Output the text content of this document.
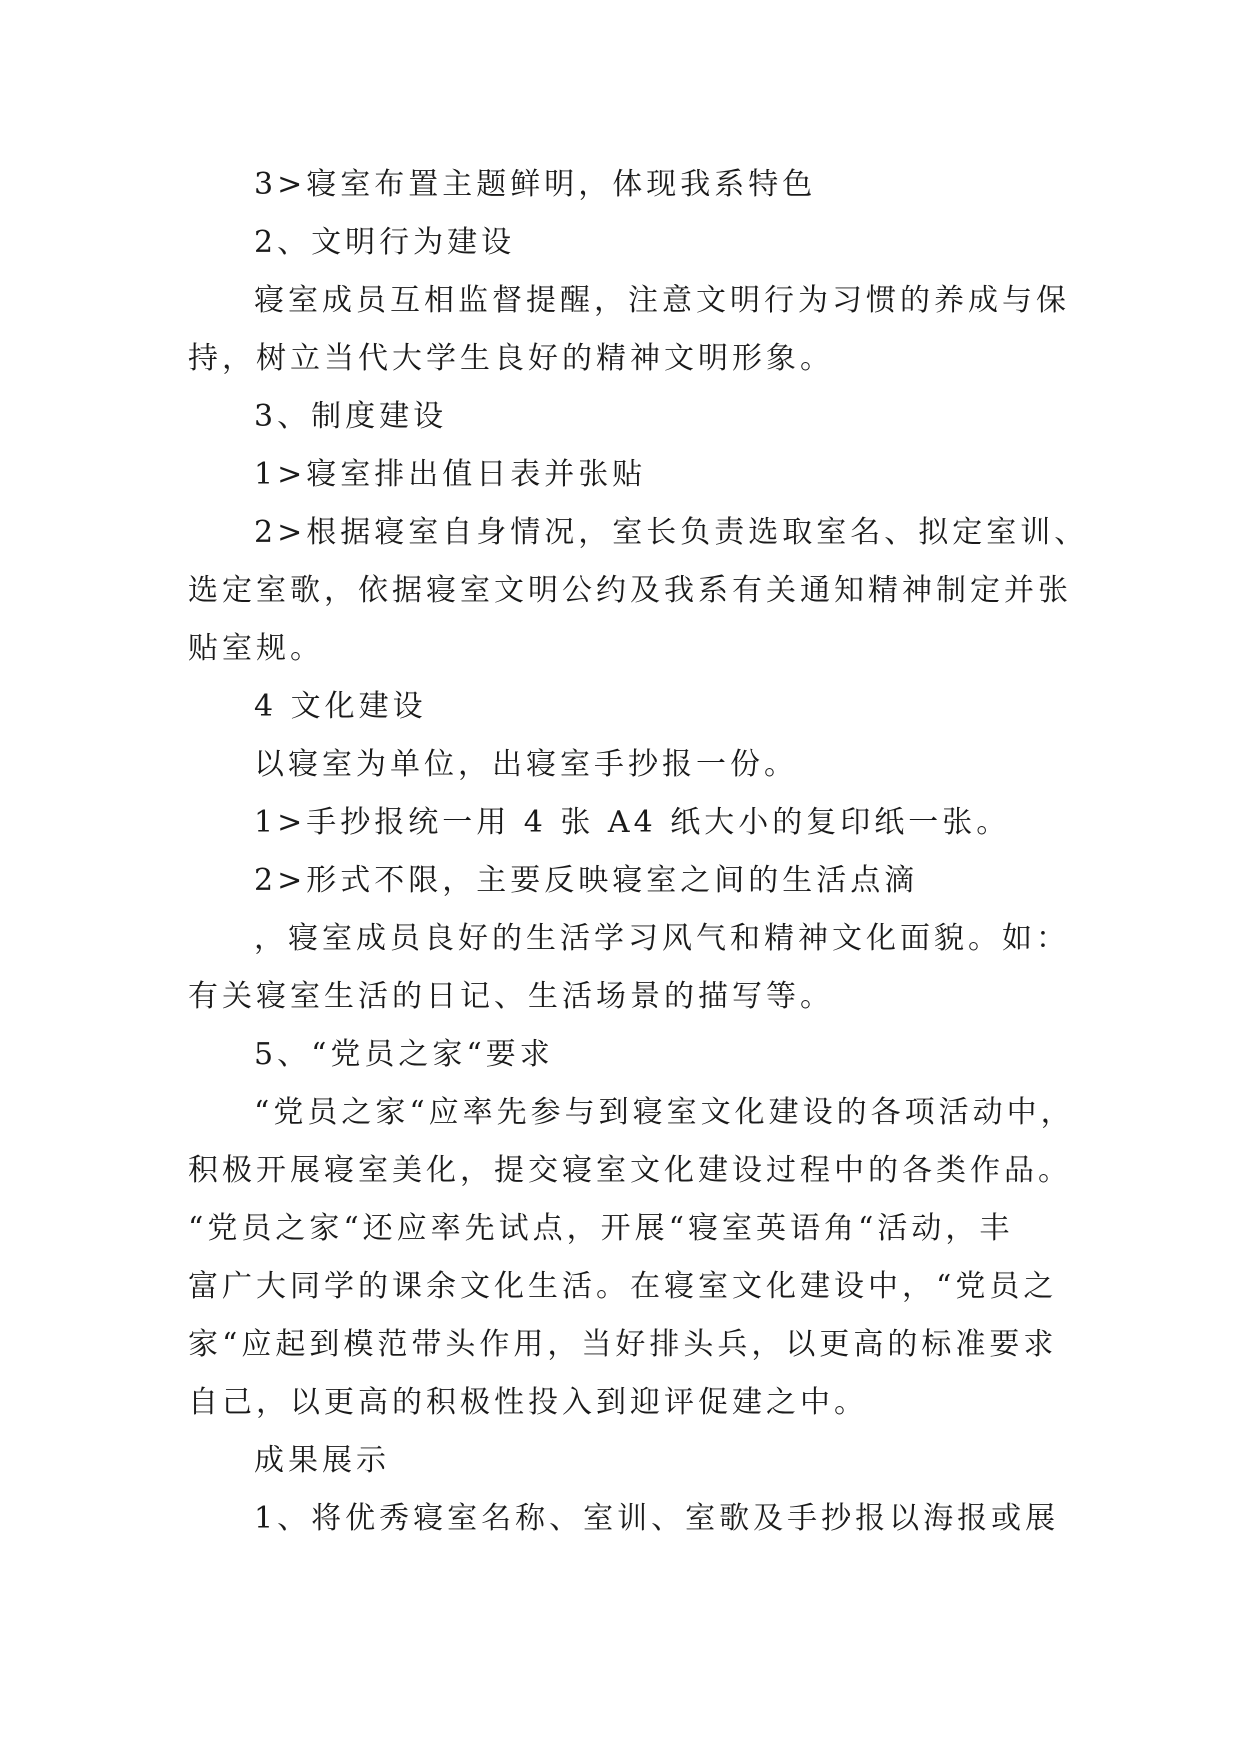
3>寝室布置主题鲜明，体现我系特色

2、文明行为建设

寝室成员互相监督提醒，注意文明行为习惯的养成与保

持，树立当代大学生良好的精神文明形象。

3、制度建设

1>寝室排出值日表并张贴

2>根据寝室自身情况，室长负责选取室名、拟定室训、

选定室歌，依据寝室文明公约及我系有关通知精神制定并张

贴室规。

4 文化建设

以寝室为单位，出寝室手抄报一份。

1>手抄报统一用 4 张 A4 纸大小的复印纸一张。

2>形式不限，主要反映寝室之间的生活点滴

，寝室成员良好的生活学习风气和精神文化面貌。如：

有关寝室生活的日记、生活场景的描写等。

5、“党员之家“要求

“党员之家“应率先参与到寝室文化建设的各项活动中，

积极开展寝室美化，提交寝室文化建设过程中的各类作品。

“党员之家“还应率先试点，开展“寝室英语角“活动，丰

富广大同学的课余文化生活。在寝室文化建设中，“党员之

家“应起到模范带头作用，当好排头兵，以更高的标准要求

自己，以更高的积极性投入到迎评促建之中。

成果展示

1、将优秀寝室名称、室训、室歌及手抄报以海报或展
